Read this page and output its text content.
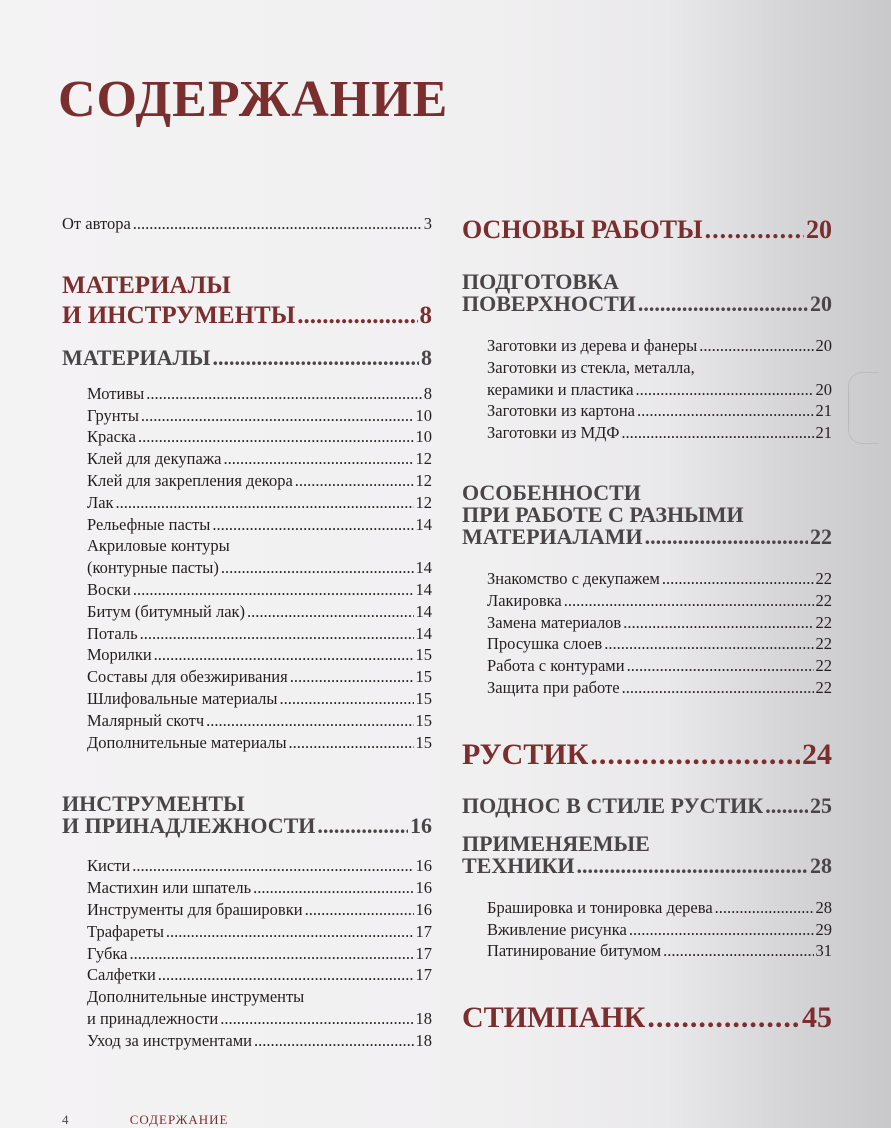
СОДЕРЖАНИЕ
От автора .....	3
МАТЕРИАЛЫ
И ИНСТРУМЕНТЫ .....	8
МАТЕРИАЛЫ .....	8
Мотивы .....	8
Грунты .....	10
Краска .....	10
Клей для декупажа .....	12
Клей для закрепления декора .....	12
Лак .....	12
Рельефные пасты .....	14
Акриловые контуры
(контурные пасты) .....	14
Воски .....	14
Битум (битумный лак) .....	14
Поталь .....	14
Морилки .....	15
Составы для обезжиривания .....	15
Шлифовальные материалы .....	15
Малярный скотч .....	15
Дополнительные материалы .....	15
ИНСТРУМЕНТЫ
И ПРИНАДЛЕЖНОСТИ .....	16
Кисти .....	16
Мастихин или шпатель .....	16
Инструменты для брашировки .....	16
Трафареты .....	17
Губка .....	17
Салфетки .....	17
Дополнительные инструменты
и принадлежности .....	18
Уход за инструментами .....	18
ОСНОВЫ РАБОТЫ .....	20
ПОДГОТОВКА
ПОВЕРХНОСТИ .....	20
Заготовки из дерева и фанеры .....	20
Заготовки из стекла, металла,
керамики и пластика .....	20
Заготовки из картона .....	21
Заготовки из МДФ .....	21
ОСОБЕННОСТИ
ПРИ РАБОТЕ С РАЗНЫМИ
МАТЕРИАЛАМИ .....	22
Знакомство с декупажем .....	22
Лакировка .....	22
Замена материалов .....	22
Просушка слоев .....	22
Работа с контурами .....	22
Защита при работе .....	22
РУСТИК .....	24
ПОДНОС В СТИЛЕ РУСТИК ..... 25
ПРИМЕНЯЕМЫЕ
ТЕХНИКИ .....	28
Брашировка и тонировка дерева .....	28
Вживление рисунка .....	29
Патинирование битумом .....	31
СТИМПАНК .....	45
4	СОДЕРЖАНИЕ
